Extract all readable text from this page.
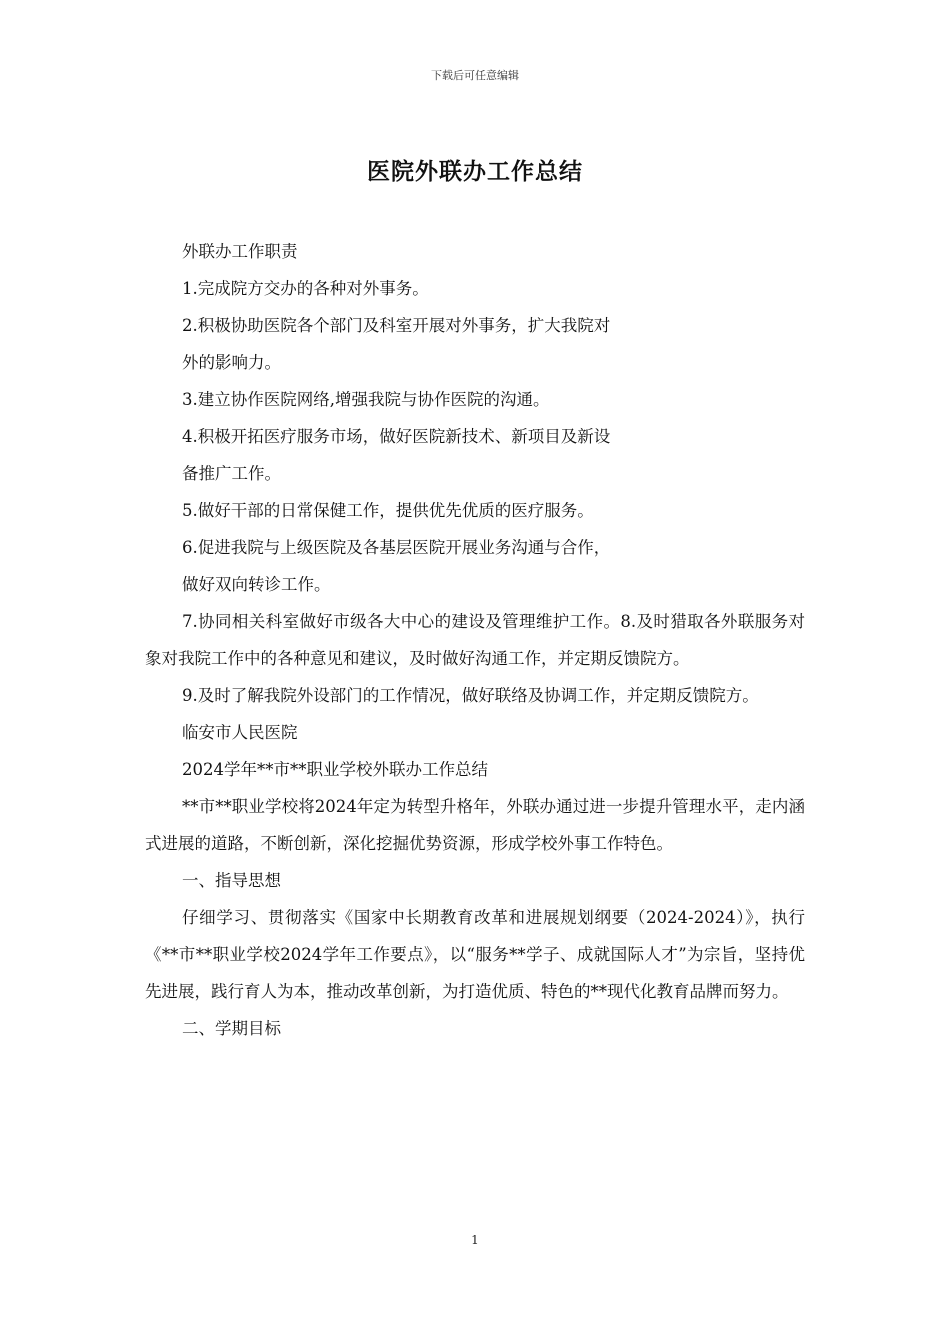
下载后可任意编辑
医院外联办工作总结

外联办工作职责

1.完成院方交办的各种对外事务。

2.积极协助医院各个部门及科室开展对外事务，扩大我院对

外的影响力。

3.建立协作医院网络,增强我院与协作医院的沟通。

4.积极开拓医疗服务市场，做好医院新技术、新项目及新设

备推广工作。

5.做好干部的日常保健工作，提供优先优质的医疗服务。

6.促进我院与上级医院及各基层医院开展业务沟通与合作，

做好双向转诊工作。

7.协同相关科室做好市级各大中心的建设及管理维护工作。8.及时猎取各外联服务对象对我院工作中的各种意见和建议，及时做好沟通工作，并定期反馈院方。

9.及时了解我院外设部门的工作情况，做好联络及协调工作，并定期反馈院方。

临安市人民医院

2024学年**市**职业学校外联办工作总结

**市**职业学校将2024年定为转型升格年，外联办通过进一步提升管理水平，走内涵式进展的道路，不断创新，深化挖掘优势资源，形成学校外事工作特色。

一、指导思想

仔细学习、贯彻落实《国家中长期教育改革和进展规划纲要（2024-2024）》，执行《**市**职业学校2024学年工作要点》，以“服务**学子、成就国际人才”为宗旨，坚持优先进展，践行育人为本，推动改革创新，为打造优质、特色的**现代化教育品牌而努力。

二、学期目标

1
